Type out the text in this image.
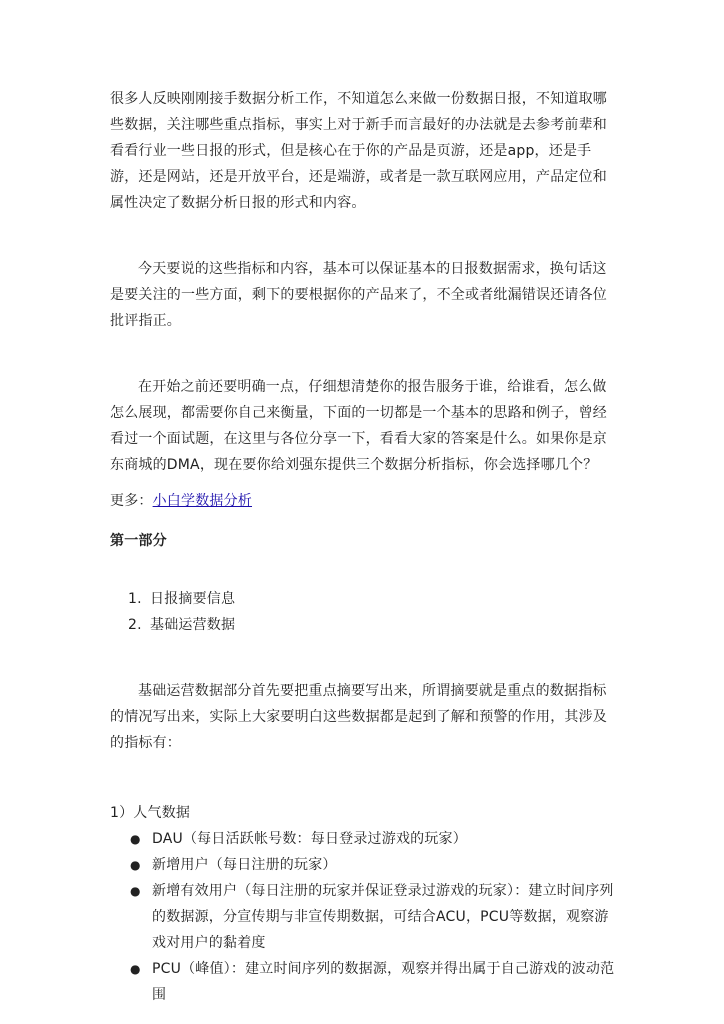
很多人反映刚刚接手数据分析工作，不知道怎么来做一份数据日报，不知道取哪些数据，关注哪些重点指标，事实上对于新手而言最好的办法就是去参考前辈和看看行业一些日报的形式，但是核心在于你的产品是页游，还是app，还是手游，还是网站，还是开放平台，还是端游，或者是一款互联网应用，产品定位和属性决定了数据分析日报的形式和内容。

今天要说的这些指标和内容，基本可以保证基本的日报数据需求，换句话这是要关注的一些方面，剩下的要根据你的产品来了，不全或者纰漏错误还请各位批评指正。

在开始之前还要明确一点，仔细想清楚你的报告服务于谁，给谁看，怎么做怎么展现，都需要你自己来衡量，下面的一切都是一个基本的思路和例子，曾经看过一个面试题，在这里与各位分享一下，看看大家的答案是什么。如果你是京东商城的DMA，现在要你给刘强东提供三个数据分析指标，你会选择哪几个？

更多：小白学数据分析

第一部分

1. 日报摘要信息
2. 基础运营数据

基础运营数据部分首先要把重点摘要写出来，所谓摘要就是重点的数据指标的情况写出来，实际上大家要明白这些数据都是起到了解和预警的作用，其涉及的指标有：

1）人气数据

● DAU（每日活跃帐号数：每日登录过游戏的玩家）
● 新增用户（每日注册的玩家）
● 新增有效用户（每日注册的玩家并保证登录过游戏的玩家）：建立时间序列的数据源，分宣传期与非宣传期数据，可结合ACU，PCU等数据，观察游戏对用户的黏着度
● PCU（峰值）：建立时间序列的数据源，观察并得出属于自己游戏的波动范围
